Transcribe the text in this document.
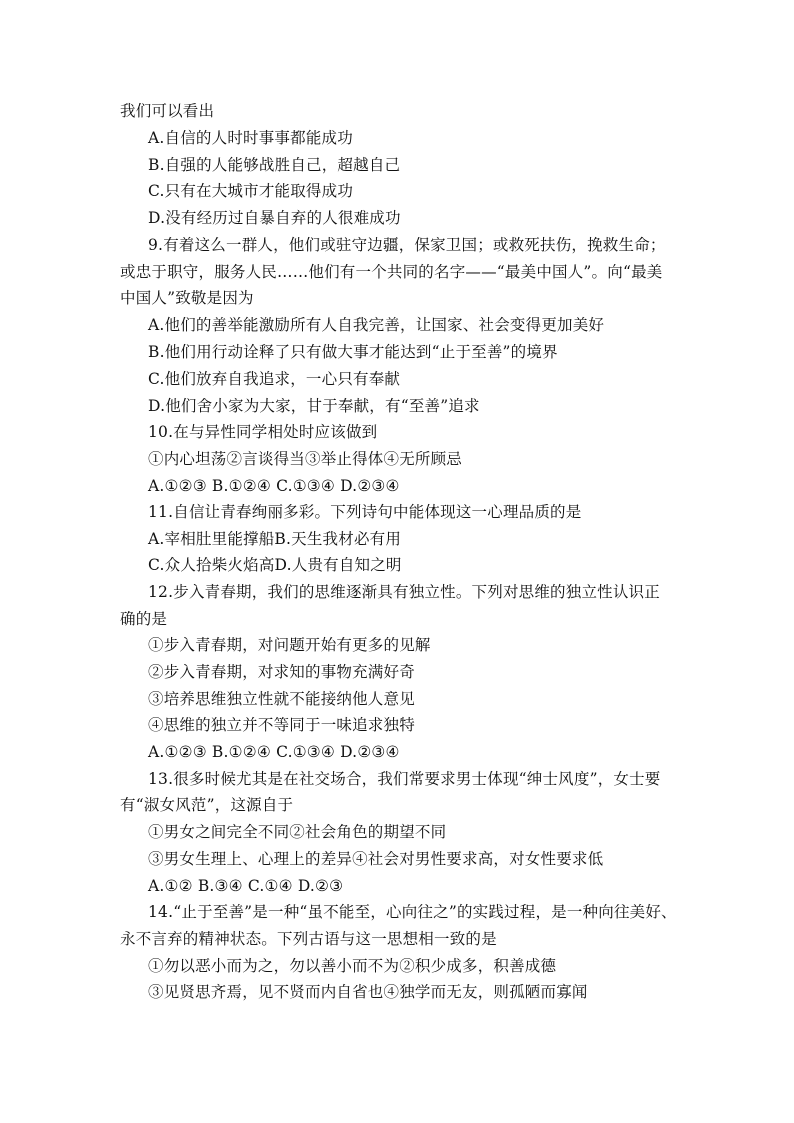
我们可以看出
A.自信的人时时事事都能成功
B.自强的人能够战胜自己，超越自己
C.只有在大城市才能取得成功
D.没有经历过自暴自弃的人很难成功
9.有着这么一群人，他们或驻守边疆，保家卫国；或救死扶伤，挽救生命；
或忠于职守，服务人民……他们有一个共同的名字——“最美中国人”。向“最美
中国人”致敬是因为
A.他们的善举能激励所有人自我完善，让国家、社会变得更加美好
B.他们用行动诠释了只有做大事才能达到“止于至善”的境界
C.他们放弃自我追求，一心只有奉献
D.他们舍小家为大家，甘于奉献，有“至善”追求
10.在与异性同学相处时应该做到
①内心坦荡②言谈得当③举止得体④无所顾忌
A.①②③ B.①②④ C.①③④ D.②③④
11.自信让青春绚丽多彩。下列诗句中能体现这一心理品质的是
A.宰相肚里能撑船B.天生我材必有用
C.众人拾柴火焰高D.人贵有自知之明
12.步入青春期，我们的思维逐渐具有独立性。下列对思维的独立性认识正
确的是
①步入青春期，对问题开始有更多的见解
②步入青春期，对求知的事物充满好奇
③培养思维独立性就不能接纳他人意见
④思维的独立并不等同于一味追求独特
A.①②③ B.①②④ C.①③④ D.②③④
13.很多时候尤其是在社交场合，我们常要求男士体现“绅士风度”，女士要
有“淑女风范”，这源自于
①男女之间完全不同②社会角色的期望不同
③男女生理上、心理上的差异④社会对男性要求高，对女性要求低
A.①② B.③④ C.①④ D.②③
14.“止于至善”是一种“虽不能至，心向往之”的实践过程，是一种向往美好、
永不言弃的精神状态。下列古语与这一思想相一致的是
①勿以恶小而为之，勿以善小而不为②积少成多，积善成德
③见贤思齐焉，见不贤而内自省也④独学而无友，则孤陋而寡闻
